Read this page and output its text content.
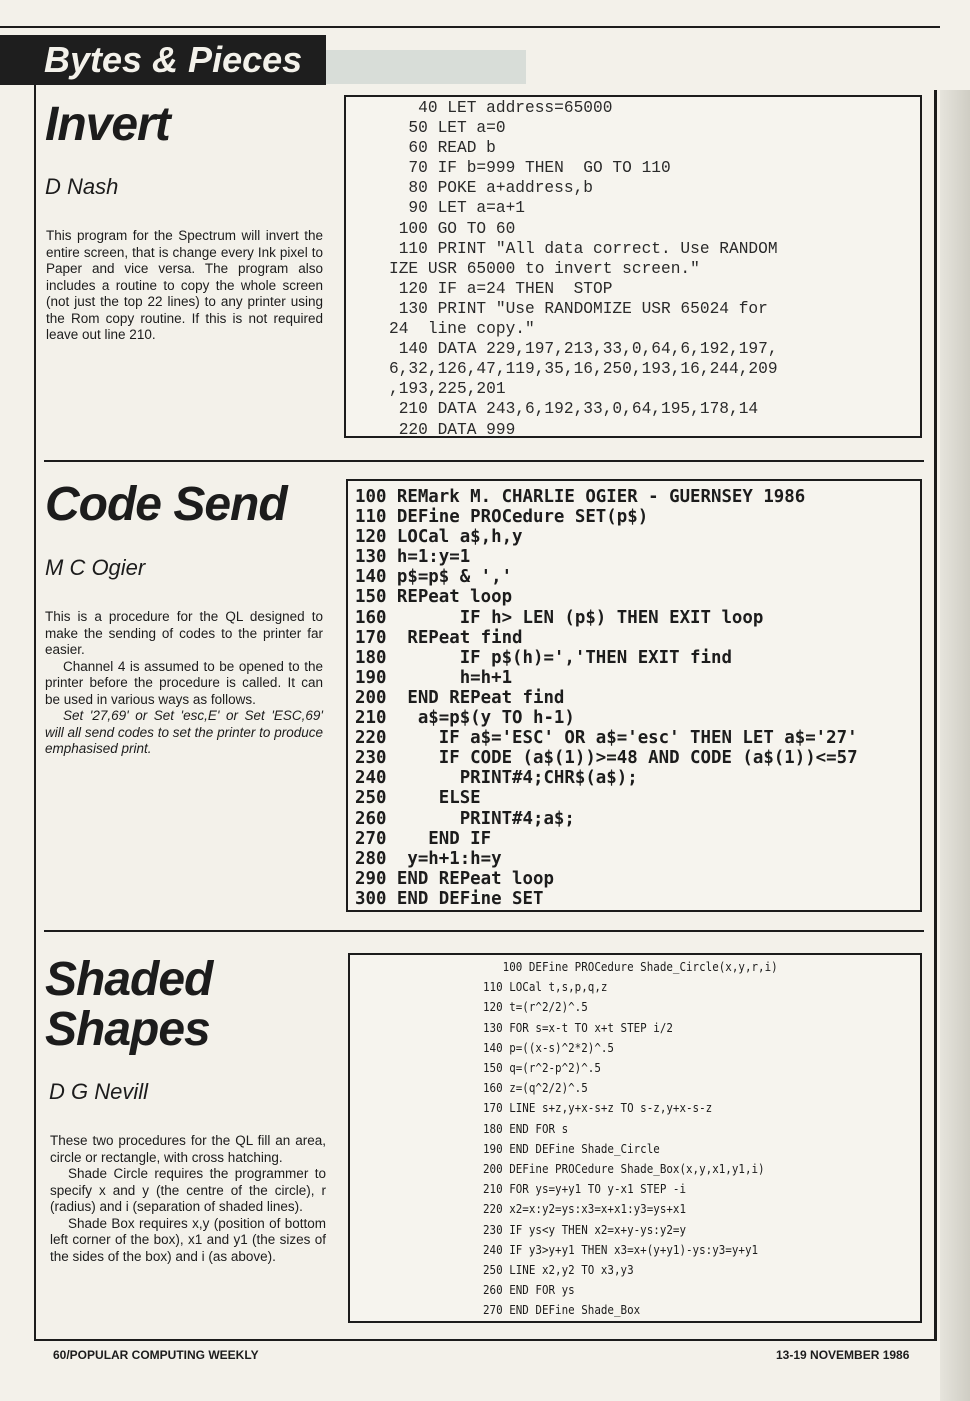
Bytes & Pieces
Invert

D Nash

This program for the Spectrum will invert the entire screen, that is change every Ink pixel to Paper and vice versa. The program also includes a routine to copy the whole screen (not just the top 22 lines) to any printer using the Rom copy routine. If this is not required leave out line 210.

40 LET address=65000
50 LET a=0
60 READ b
70 IF b=999 THEN  GO TO 110
80 POKE a+address,b
90 LET a=a+1
100 GO TO 60
110 PRINT "All data correct. Use RANDOM
IZE USR 65000 to invert screen."
120 IF a=24 THEN  STOP
130 PRINT "Use RANDOMIZE USR 65024 for
24  line copy."
140 DATA 229,197,213,33,0,64,6,192,197,
6,32,126,47,119,35,16,250,193,16,244,209
,193,225,201
210 DATA 243,6,192,33,0,64,195,178,14
220 DATA 999
Code Send

M C Ogier

This is a procedure for the QL designed to make the sending of codes to the printer far easier.

Channel 4 is assumed to be opened to the printer before the procedure is called. It can be used in various ways as follows.

Set '27,69' or Set 'esc,E' or Set 'ESC,69' will all send codes to set the printer to produce emphasised print.

100 REMark M. CHARLIE OGIER - GUERNSEY 1986
110 DEFine PROCedure SET(p$)
120 LOCal a$,h,y
130 h=1:y=1
140 p$=p$ & ','
150 REPeat loop
160       IF h> LEN (p$) THEN EXIT loop
170  REPeat find
180       IF p$(h)=','THEN EXIT find
190       h=h+1
200  END REPeat find
210   a$=p$(y TO h-1)
220     IF a$='ESC' OR a$='esc' THEN LET a$='27'
230     IF CODE (a$(1))>=48 AND CODE (a$(1))<=57
240       PRINT#4;CHR$(a$);
250     ELSE
260       PRINT#4;a$;
270    END IF
280  y=h+1:h=y
290 END REPeat loop
300 END DEFine SET
Shaded
Shapes

D G Nevill

These two procedures for the QL fill an area, circle or rectangle, with cross hatching.

Shade Circle requires the programmer to specify x and y (the centre of the circle), r (radius) and i (separation of shaded lines).

Shade Box requires x,y (position of bottom left corner of the box), x1 and y1 (the sizes of the sides of the box) and i (as above).

100 DEFine PROCedure Shade_Circle(x,y,r,i)
110 LOCal t,s,p,q,z
120 t=(r^2/2)^.5
130 FOR s=x-t TO x+t STEP i/2
140 p=((x-s)^2*2)^.5
150 q=(r^2-p^2)^.5
160 z=(q^2/2)^.5
170 LINE s+z,y+x-s+z TO s-z,y+x-s-z
180 END FOR s
190 END DEFine Shade_Circle
200 DEFine PROCedure Shade_Box(x,y,x1,y1,i)
210 FOR ys=y+y1 TO y-x1 STEP -i
220 x2=x:y2=ys:x3=x+x1:y3=ys+x1
230 IF ys<y THEN x2=x+y-ys:y2=y
240 IF y3>y+y1 THEN x3=x+(y+y1)-ys:y3=y+y1
250 LINE x2,y2 TO x3,y3
260 END FOR ys
270 END DEFine Shade_Box
60/POPULAR COMPUTING WEEKLY	13-19 NOVEMBER 1986
